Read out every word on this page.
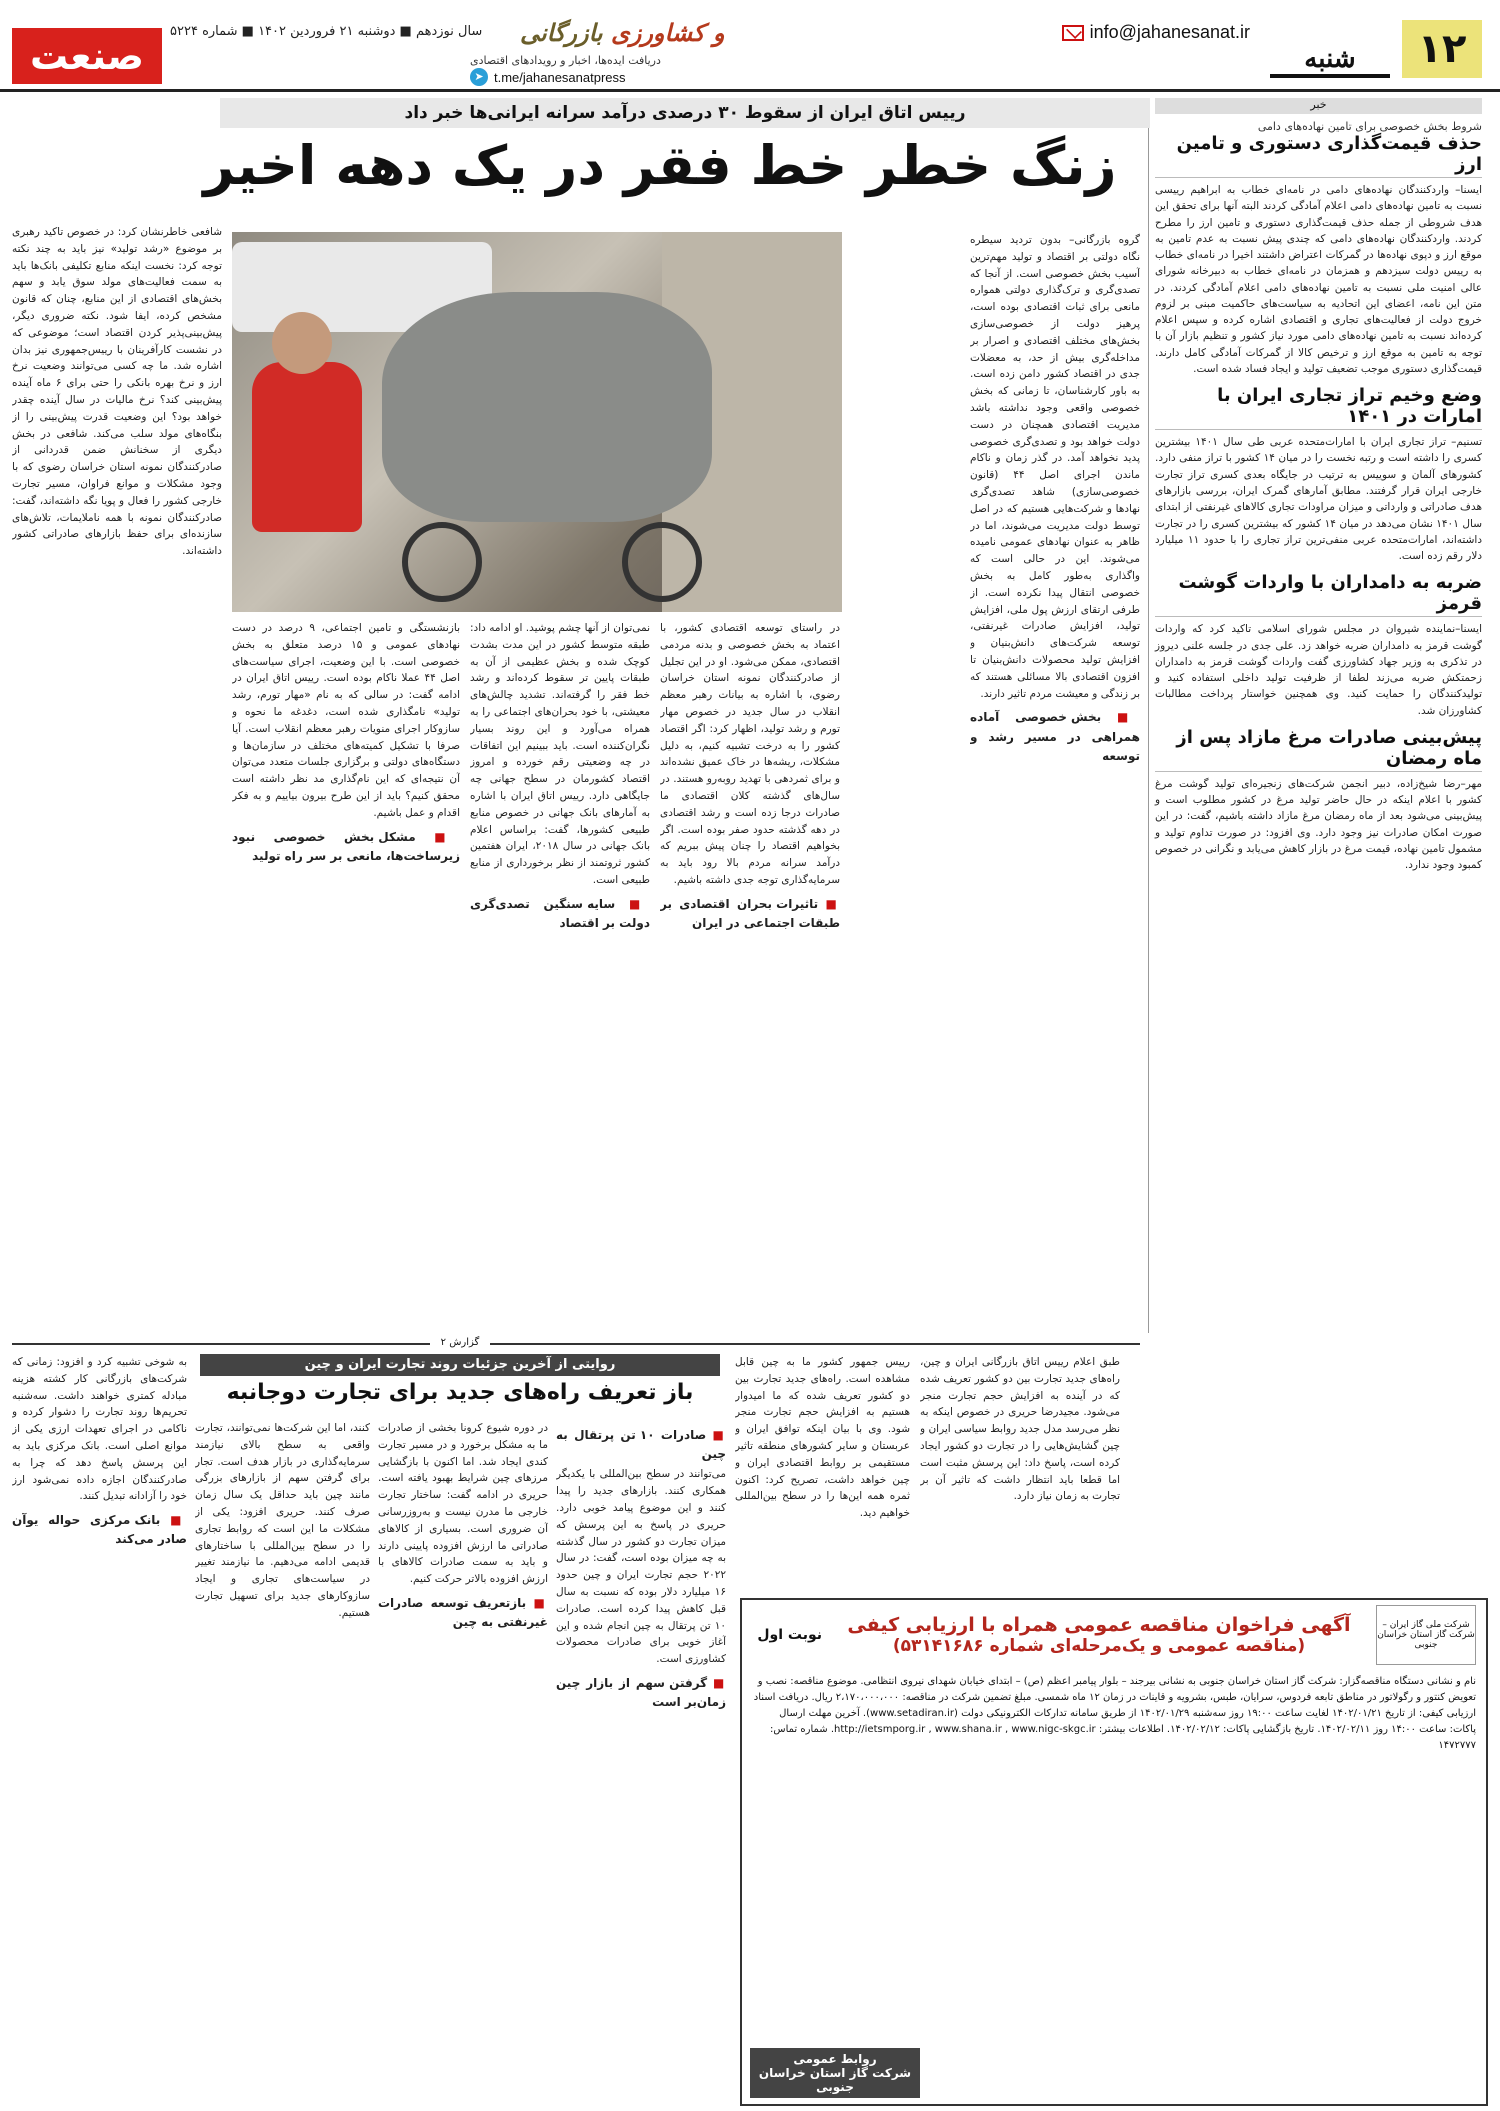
۱۲
شنبه
info@jahanesanat.ir
و کشاورزی بازرگانی
دریافت ایده‌ها، اخبار و رویدادهای اقتصادی
➤ t.me/jahanesanatpress
سال نوزدهم ■ دوشنبه ۲۱ فروردین ۱۴۰۲ ■ شماره ۵۲۲۴
صنعت
خبر
شروط بخش خصوصی برای تامین نهاده‌های دامی
حذف قیمت‌گذاری دستوری و تامین ارز
ایسنا– واردکنندگان نهاده‌های دامی در نامه‌ای خطاب به ابراهیم رییسی نسبت به تامین نهاده‌های دامی اعلام آمادگی کردند البته آنها برای تحقق این هدف شروطی از جمله حذف قیمت‌گذاری دستوری و تامین ارز را مطرح کردند. واردکنندگان نهاده‌های دامی که چندی پیش نسبت به عدم تامین به موقع ارز و دپوی نهاده‌ها در گمرکات اعتراض داشتند اخیرا در نامه‌ای خطاب به رییس دولت سیزدهم و همزمان در نامه‌ای خطاب به دبیرخانه شورای عالی امنیت ملی نسبت به تامین نهاده‌های دامی اعلام آمادگی کردند. در متن این نامه، اعضای این اتحادیه به سیاست‌های حاکمیت مبنی بر لزوم خروج دولت از فعالیت‌های تجاری و اقتصادی اشاره کرده و سپس اعلام کرده‌اند نسبت به تامین نهاده‌های دامی مورد نیاز کشور و تنظیم بازار آن با توجه به تامین به موقع ارز و ترخیص کالا از گمرکات آمادگی کامل دارند. قیمت‌گذاری دستوری موجب تضعیف تولید و ایجاد فساد شده است.
وضع وخیم تراز تجاری ایران با امارات در ۱۴۰۱
تسنیم– تراز تجاری ایران با امارات‌متحده عربی طی سال ۱۴۰۱ بیشترین کسری را داشته است و رتبه نخست را در میان ۱۴ کشور با تراز منفی دارد. کشورهای آلمان و سوییس به ترتیب در جایگاه بعدی کسری تراز تجارت خارجی ایران قرار گرفتند. مطابق آمارهای گمرک ایران، بررسی بازارهای هدف صادراتی و وارداتی و میزان مراودات تجاری کالاهای غیرنفتی از ابتدای سال ۱۴۰۱ نشان می‌دهد در میان ۱۴ کشور که بیشترین کسری را در تجارت داشته‌اند، امارات‌متحده عربی منفی‌ترین تراز تجاری را با حدود ۱۱ میلیارد دلار رقم زده است.
ضربه به دامداران با واردات گوشت قرمز
ایسنا–نماینده شیروان در مجلس شورای اسلامی تاکید کرد که واردات گوشت قرمز به دامداران ضربه خواهد زد. علی جدی در جلسه علنی دیروز در تذکری به وزیر جهاد کشاورزی گفت واردات گوشت قرمز به دامداران زحمتکش ضربه می‌زند لطفا از ظرفیت تولید داخلی استفاده کنید و تولیدکنندگان را حمایت کنید. وی همچنین خواستار پرداخت مطالبات کشاورزان شد.
پیش‌بینی صادرات مرغ مازاد پس از ماه رمضان
مهر–رضا شیخ‌زاده، دبیر انجمن شرکت‌های زنجیره‌ای تولید گوشت مرغ کشور با اعلام اینکه در حال حاضر تولید مرغ در کشور مطلوب است و پیش‌بینی می‌شود بعد از ماه رمضان مرغ مازاد داشته باشیم، گفت: در این صورت امکان صادرات نیز وجود دارد. وی افزود: در صورت تداوم تولید و مشمول تامین نهاده، قیمت مرغ در بازار کاهش می‌یابد و نگرانی در خصوص کمبود وجود ندارد.
رییس اتاق ایران از سقوط ۳۰ درصدی درآمد سرانه ایرانی‌ها خبر داد
زنگ خطر خط فقر در یک دهه اخیر

گروه بازرگانی– بدون تردید سیطره نگاه دولتی بر اقتصاد و تولید مهم‌ترین آسیب بخش خصوصی است. از آنجا که تصدی‌گری و ترک‌گذاری دولتی همواره مانعی برای ثبات اقتصادی بوده است، پرهیز دولت از خصوصی‌سازی بخش‌های مختلف اقتصادی و اصرار بر مداخله‌گری بیش از حد، به معضلات جدی در اقتصاد کشور دامن زده است. به باور کارشناسان، تا زمانی که بخش خصوصی واقعی وجود نداشته باشد مدیریت اقتصادی همچنان در دست دولت خواهد بود و تصدی‌گری خصوصی پدید نخواهد آمد. در گذر زمان و ناکام ماندن اجرای اصل ۴۴ (قانون خصوصی‌سازی) شاهد تصدی‌گری نهادها و شرکت‌هایی هستیم که در اصل توسط دولت مدیریت می‌شوند، اما در ظاهر به عنوان نهادهای عمومی نامیده می‌شوند. این در حالی است که واگذاری به‌طور کامل به بخش خصوصی انتقال پیدا نکرده است. از طرفی ارتقای ارزش پول ملی، افزایش تولید، افزایش صادرات غیرنفتی، توسعه شرکت‌های دانش‌بنیان و افزایش تولید محصولات دانش‌بنیان تا افزون اقتصادی بالا مسائلی هستند که بر زندگی و معیشت مردم تاثیر دارند.

■ بخش خصوصی آماده همراهی در مسیر رشد و توسعه

در راستای توسعه اقتصادی کشور، با اعتماد به بخش خصوصی و بدنه مردمی اقتصادی، ممکن می‌شود. او در این تجلیل از صادرکنندگان نمونه استان خراسان رضوی، با اشاره به بیانات رهبر معظم انقلاب در سال جدید در خصوص مهار تورم و رشد تولید، اظهار کرد: اگر اقتصاد کشور را به درخت تشبیه کنیم، به دلیل مشکلات، ریشه‌ها در خاک عمیق نشده‌اند و برای ثمردهی با تهدید روبه‌رو هستند. در سال‌های گذشته کلان اقتصادی ما صادرات درجا زده است و رشد اقتصادی در دهه گذشته حدود صفر بوده است. اگر بخواهیم اقتصاد را چنان پیش ببریم که درآمد سرانه مردم بالا رود باید به سرمایه‌گذاری توجه جدی داشته باشیم.

■ تاثیرات بحران اقتصادی بر طبقات اجتماعی در ایران

نمی‌توان از آنها چشم پوشید. او ادامه داد: طبقه متوسط کشور در این مدت بشدت کوچک شده و بخش عظیمی از آن به طبقات پایین تر سقوط کرده‌اند و رشد خط فقر را گرفته‌اند. تشدید چالش‌های معیشتی، با خود بحران‌های اجتماعی را به همراه می‌آورد و این روند بسیار نگران‌کننده است. باید ببینیم این اتفاقات در چه وضعیتی رقم خورده و امروز اقتصاد کشورمان در سطح جهانی چه جایگاهی دارد. رییس اتاق ایران با اشاره به آمارهای بانک جهانی در خصوص منابع طبیعی کشورها، گفت: براساس اعلام بانک جهانی در سال ۲۰۱۸، ایران هفتمین کشور ثروتمند از نظر برخورداری از منابع طبیعی است.

■ سایه سنگین تصدی‌گری دولت بر اقتصاد

بازنشستگی و تامین اجتماعی، ۹ درصد در دست نهادهای عمومی و ۱۵ درصد متعلق به بخش خصوصی است. با این وضعیت، اجرای سیاست‌های اصل ۴۴ عملا ناکام بوده است. رییس اتاق ایران در ادامه گفت: در سالی که به نام «مهار تورم، رشد تولید» نامگذاری شده است، دغدغه ما نحوه و سازوکار اجرای منویات رهبر معظم انقلاب است. آیا صرفا با تشکیل کمیته‌های مختلف در سازمان‌ها و دستگاه‌های دولتی و برگزاری جلسات متعدد می‌توان آن نتیجه‌ای که این نام‌گذاری مد نظر داشته است محقق کنیم؟ باید از این طرح بیرون بیاییم و به فکر اقدام و عمل باشیم.

■ مشکل بخش خصوصی نبود زیرساخت‌ها، مانعی بر سر راه تولید

شافعی خاطرنشان کرد: در خصوص تاکید رهبری بر موضوع «رشد تولید» نیز باید به چند نکته توجه کرد: نخست اینکه منابع تکلیفی بانک‌ها باید به سمت فعالیت‌های مولد سوق یابد و سهم بخش‌های اقتصادی از این منابع، چنان که قانون مشخص کرده، ایفا شود. نکته ضروری دیگر، پیش‌بینی‌پذیر کردن اقتصاد است؛ موضوعی که در نشست کارآفرینان با رییس‌جمهوری نیز بدان اشاره شد. ما چه کسی می‌توانند وضعیت نرخ ارز و نرخ بهره بانکی را حتی برای ۶ ماه آینده پیش‌بینی کند؟ نرخ مالیات در سال آینده چقدر خواهد بود؟ این وضعیت قدرت پیش‌بینی را از بنگاه‌های مولد سلب می‌کند. شافعی در بخش دیگری از سخنانش ضمن قدردانی از صادرکنندگان نمونه استان خراسان رضوی که با وجود مشکلات و موانع فراوان، مسیر تجارت خارجی کشور را فعال و پویا نگه داشته‌اند، گفت: صادرکنندگان نمونه با همه ناملایمات، تلاش‌های سازنده‌ای برای حفظ بازارهای صادراتی کشور داشته‌اند.

گزارش ۲
روایتی از آخرین جزئیات روند تجارت ایران و چین
باز تعریف راه‌های جدید برای تجارت دوجانبه

طبق اعلام رییس اتاق بازرگانی ایران و چین، راه‌های جدید تجارت بین دو کشور تعریف شده که در آینده به افزایش حجم تجارت منجر می‌شود. مجیدرضا حریری در خصوص اینکه به نظر می‌رسد مدل جدید روابط سیاسی ایران و چین گشایش‌هایی را در تجارت دو کشور ایجاد کرده است، پاسخ داد: این پرسش مثبت است اما قطعا باید انتظار داشت که تاثیر آن بر تجارت به زمان نیاز دارد.

رییس جمهور کشور ما به چین قابل مشاهده است. راه‌های جدید تجارت بین دو کشور تعریف شده که ما امیدوار هستیم به افزایش حجم تجارت منجر شود. وی با بیان اینکه توافق ایران و عربستان و سایر کشورهای منطقه تاثیر مستقیمی بر روابط اقتصادی ایران و چین خواهد داشت، تصریح کرد: اکنون ثمره همه این‌ها را در سطح بین‌المللی خواهیم دید.

■ صادرات ۱۰ تن پرتقال به چین

می‌توانند در سطح بین‌المللی با یکدیگر همکاری کنند. بازارهای جدید را پیدا کنند و این موضوع پیامد خوبی دارد. حریری در پاسخ به این پرسش که میزان تجارت دو کشور در سال گذشته به چه میزان بوده است، گفت: در سال ۲۰۲۲ حجم تجارت ایران و چین حدود ۱۶ میلیارد دلار بوده که نسبت به سال قبل کاهش پیدا کرده است. صادرات ۱۰ تن پرتقال به چین انجام شده و این آغاز خوبی برای صادرات محصولات کشاورزی است.

■ گرفتن سهم از بازار چین زمان‌بر است

در دوره شیوع کرونا بخشی از صادرات ما به مشکل برخورد و در مسیر تجارت کندی ایجاد شد. اما اکنون با بازگشایی مرزهای چین شرایط بهبود یافته است. حریری در ادامه گفت: ساختار تجارت خارجی ما مدرن نیست و به‌روزرسانی آن ضروری است. بسیاری از کالاهای صادراتی ما ارزش افزوده پایینی دارند و باید به سمت صادرات کالاهای با ارزش افزوده بالاتر حرکت کنیم.

■ بازتعریف توسعه صادرات غیرنفتی به چین

کنند، اما این شرکت‌ها نمی‌توانند، تجارت واقعی به سطح بالای نیازمند سرمایه‌گذاری در بازار هدف است. تجار برای گرفتن سهم از بازارهای بزرگی مانند چین باید حداقل یک سال زمان صرف کنند. حریری افزود: یکی از مشکلات ما این است که روابط تجاری را در سطح بین‌المللی با ساختارهای قدیمی ادامه می‌دهیم. ما نیازمند تغییر در سیاست‌های تجاری و ایجاد سازوکارهای جدید برای تسهیل تجارت هستیم.

به شوخی تشبیه کرد و افزود: زمانی که شرکت‌های بازرگانی کار کشته هزینه مبادله کمتری خواهند داشت. سه‌شنبه تحریم‌ها روند تجارت را دشوار کرده و ناکامی در اجرای تعهدات ارزی یکی از موانع اصلی است. بانک مرکزی باید به این پرسش پاسخ دهد که چرا به صادرکنندگان اجازه داده نمی‌شود ارز خود را آزادانه تبدیل کنند.

■ بانک مرکزی حواله یوآن صادر می‌کند

شرکت ملی گاز ایران – شرکت گاز استان خراسان جنوبی
آگهی فراخوان مناقصه عمومی همراه با ارزیابی کیفی
(مناقصه عمومی و یک‌مرحله‌ای شماره ۵۳۱۴۱۶۸۶)
نوبت اول
نام و نشانی دستگاه مناقصه‌گزار: شرکت گاز استان خراسان جنوبی به نشانی بیرجند – بلوار پیامبر اعظم (ص) – ابتدای خیابان شهدای نیروی انتظامی. موضوع مناقصه: نصب و تعویض کنتور و رگولاتور در مناطق تابعه فردوس، سرایان، طبس، بشرویه و قاینات در زمان ۱۲ ماه شمسی. مبلغ تضمین شرکت در مناقصه: ۲،۱۷۰،۰۰۰،۰۰۰ ریال. دریافت اسناد ارزیابی کیفی: از تاریخ ۱۴۰۲/۰۱/۲۱ لغایت ساعت ۱۹:۰۰ روز سه‌شنبه ۱۴۰۲/۰۱/۲۹ از طریق سامانه تدارکات الکترونیکی دولت (www.setadiran.ir). آخرین مهلت ارسال پاکات: ساعت ۱۴:۰۰ روز ۱۴۰۲/۰۲/۱۱. تاریخ بازگشایی پاکات: ۱۴۰۲/۰۲/۱۲. اطلاعات بیشتر: http://ietsmporg.ir , www.shana.ir , www.nigc-skgc.ir. شماره تماس: ۱۴۷۲۷۷۷
روابط عمومی
شرکت گاز استان خراسان جنوبی
